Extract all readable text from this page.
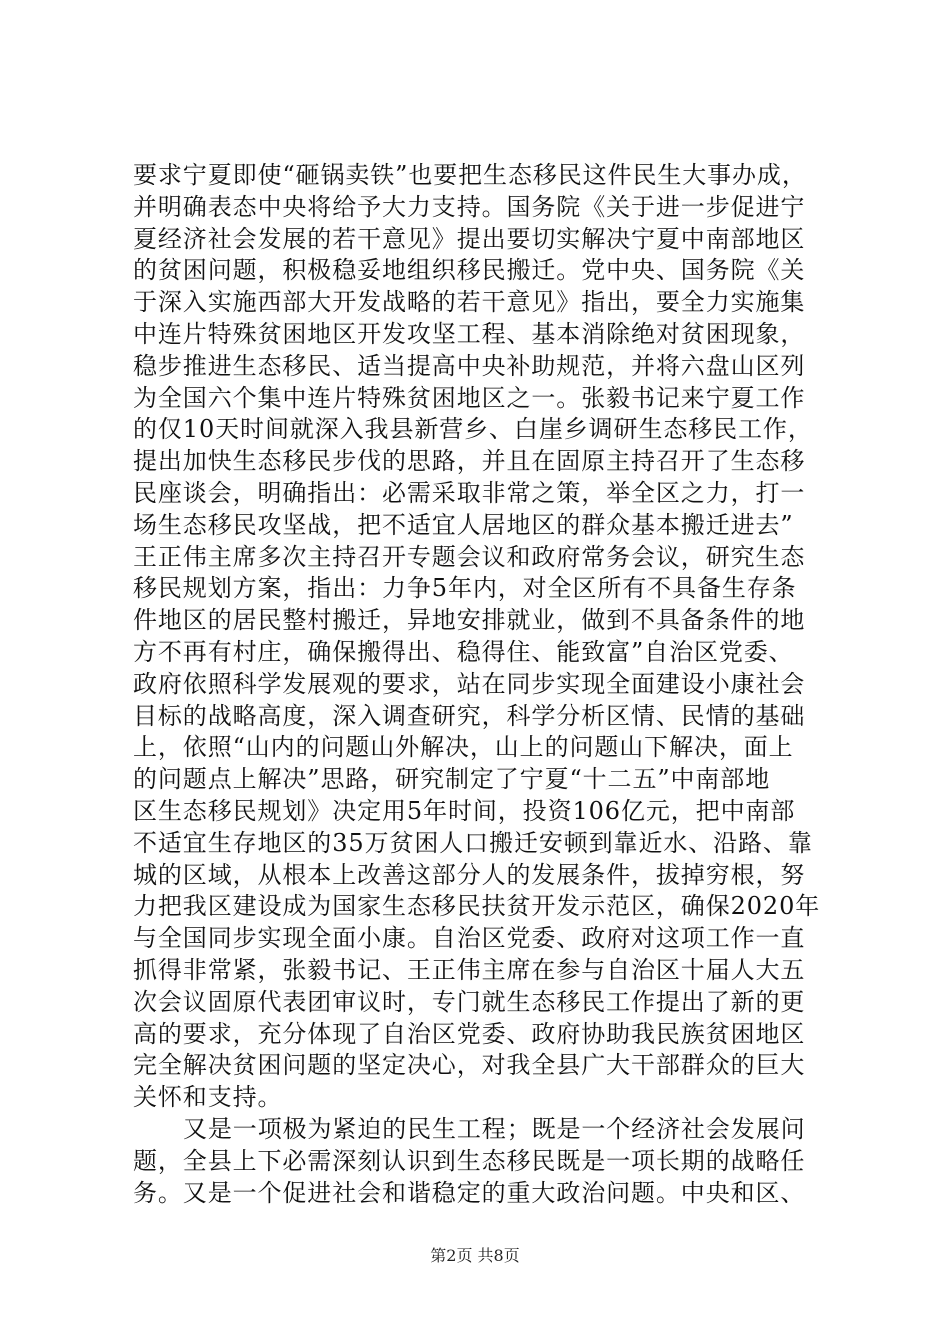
要求宁夏即使“砸锅卖铁”也要把生态移民这件民生大事办成，
并明确表态中央将给予大力支持。国务院《关于进一步促进宁
夏经济社会发展的若干意见》提出要切实解决宁夏中南部地区
的贫困问题，积极稳妥地组织移民搬迁。党中央、国务院《关
于深入实施西部大开发战略的若干意见》指出，要全力实施集
中连片特殊贫困地区开发攻坚工程、基本消除绝对贫困现象，
稳步推进生态移民、适当提高中央补助规范，并将六盘山区列
为全国六个集中连片特殊贫困地区之一。张毅书记来宁夏工作
的仅10天时间就深入我县新营乡、白崖乡调研生态移民工作，
提出加快生态移民步伐的思路，并且在固原主持召开了生态移
民座谈会，明确指出：必需采取非常之策，举全区之力，打一
场生态移民攻坚战，把不适宜人居地区的群众基本搬迁进去”
王正伟主席多次主持召开专题会议和政府常务会议，研究生态
移民规划方案，指出：力争5年内，对全区所有不具备生存条
件地区的居民整村搬迁，异地安排就业，做到不具备条件的地
方不再有村庄，确保搬得出、稳得住、能致富”自治区党委、
政府依照科学发展观的要求，站在同步实现全面建设小康社会
目标的战略高度，深入调查研究，科学分析区情、民情的基础
上，依照“山内的问题山外解决，山上的问题山下解决，面上
的问题点上解决”思路，研究制定了宁夏“十二五”中南部地
区生态移民规划》决定用5年时间，投资106亿元，把中南部
不适宜生存地区的35万贫困人口搬迁安顿到靠近水、沿路、靠
城的区域，从根本上改善这部分人的发展条件，拔掉穷根，努
力把我区建设成为国家生态移民扶贫开发示范区，确保2020年
与全国同步实现全面小康。自治区党委、政府对这项工作一直
抓得非常紧，张毅书记、王正伟主席在参与自治区十届人大五
次会议固原代表团审议时，专门就生态移民工作提出了新的更
高的要求，充分体现了自治区党委、政府协助我民族贫困地区
完全解决贫困问题的坚定决心，对我全县广大干部群众的巨大
关怀和支持。
又是一项极为紧迫的民生工程；既是一个经济社会发展问
题，全县上下必需深刻认识到生态移民既是一项长期的战略任
务。又是一个促进社会和谐稳定的重大政治问题。中央和区、
第2页 共8页
